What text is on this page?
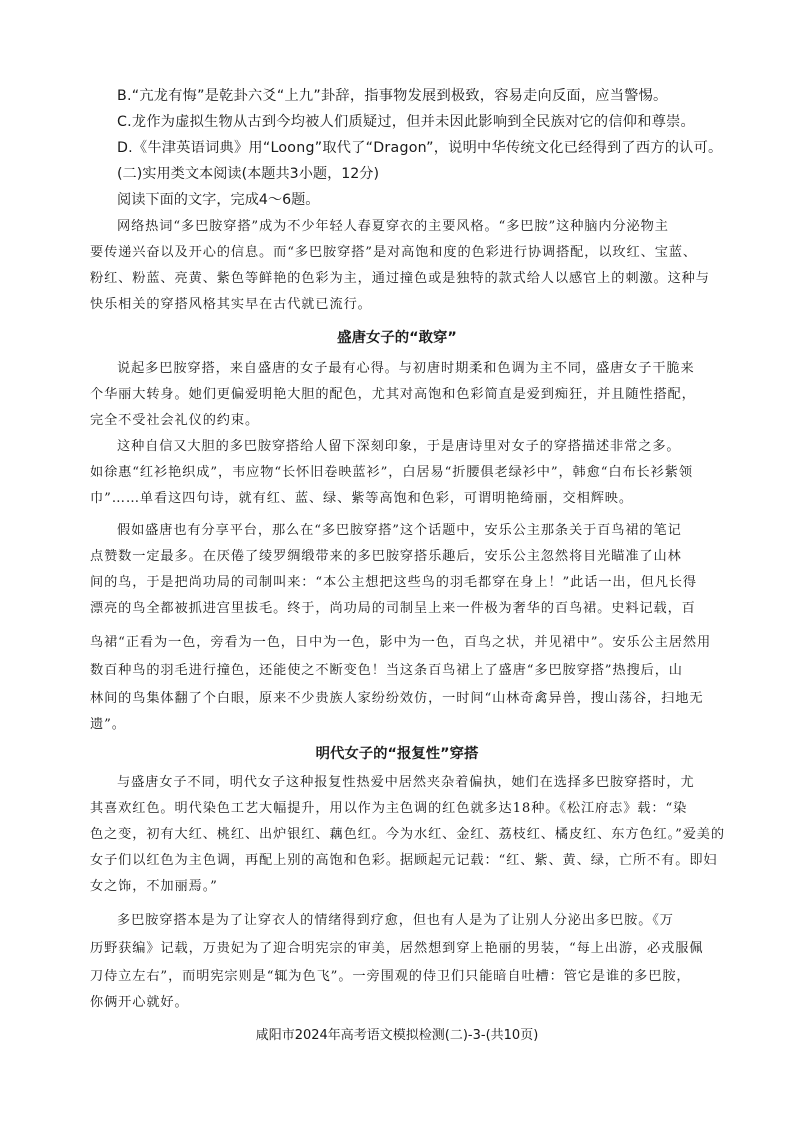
B.“亢龙有悔”是乾卦六爻“上九”卦辞，指事物发展到极致，容易走向反面，应当警惕。
C.龙作为虚拟生物从古到今均被人们质疑过，但并未因此影响到全民族对它的信仰和尊崇。
D.《牛津英语词典》用“Loong”取代了“Dragon”，说明中华传统文化已经得到了西方的认可。
(二)实用类文本阅读(本题共3小题，12分)
阅读下面的文字，完成4～6题。
网络热词“多巴胺穿搭”成为不少年轻人春夏穿衣的主要风格。“多巴胺”这种脑内分泌物主
要传递兴奋以及开心的信息。而“多巴胺穿搭”是对高饱和度的色彩进行协调搭配，以玫红、宝蓝、
粉红、粉蓝、亮黄、紫色等鲜艳的色彩为主，通过撞色或是独特的款式给人以感官上的刺激。这种与
快乐相关的穿搭风格其实早在古代就已流行。
盛唐女子的“敢穿”
说起多巴胺穿搭，来自盛唐的女子最有心得。与初唐时期柔和色调为主不同，盛唐女子干脆来
个华丽大转身。她们更偏爱明艳大胆的配色，尤其对高饱和色彩简直是爱到痴狂，并且随性搭配，
完全不受社会礼仪的约束。
这种自信又大胆的多巴胺穿搭给人留下深刻印象，于是唐诗里对女子的穿搭描述非常之多。
如徐惠“红衫艳织成”，韦应物“长怀旧卷映蓝衫”，白居易“折腰俱老绿衫中”，韩愈“白布长衫紫领
巾”……单看这四句诗，就有红、蓝、绿、紫等高饱和色彩，可谓明艳绮丽，交相辉映。
假如盛唐也有分享平台，那么在“多巴胺穿搭”这个话题中，安乐公主那条关于百鸟裙的笔记
点赞数一定最多。在厌倦了绫罗绸缎带来的多巴胺穿搭乐趣后，安乐公主忽然将目光瞄准了山林
间的鸟，于是把尚功局的司制叫来：“本公主想把这些鸟的羽毛都穿在身上！”此话一出，但凡长得
漂亮的鸟全都被抓进宫里拔毛。终于，尚功局的司制呈上来一件极为奢华的百鸟裙。史料记载，百
鸟裙“正看为一色，旁看为一色，日中为一色，影中为一色，百鸟之状，并见裙中”。安乐公主居然用
数百种鸟的羽毛进行撞色，还能使之不断变色！当这条百鸟裙上了盛唐“多巴胺穿搭”热搜后，山
林间的鸟集体翻了个白眼，原来不少贵族人家纷纷效仿，一时间“山林奇禽异兽，搜山荡谷，扫地无
遗”。
明代女子的“报复性”穿搭
与盛唐女子不同，明代女子这种报复性热爱中居然夹杂着偏执，她们在选择多巴胺穿搭时，尤
其喜欢红色。明代染色工艺大幅提升，用以作为主色调的红色就多达18种。《松江府志》载：“染
色之变，初有大红、桃红、出炉银红、藕色红。今为水红、金红、荔枝红、橘皮红、东方色红。”爱美的
女子们以红色为主色调，再配上别的高饱和色彩。据顾起元记载：“红、紫、黄、绿，亡所不有。即妇
女之饰，不加丽焉。”
多巴胺穿搭本是为了让穿衣人的情绪得到疗愈，但也有人是为了让别人分泌出多巴胺。《万
历野获编》记载，万贵妃为了迎合明宪宗的审美，居然想到穿上艳丽的男装，“每上出游，必戎服佩
刀侍立左右”，而明宪宗则是“辄为色飞”。一旁围观的侍卫们只能暗自吐槽：管它是谁的多巴胺，
你俩开心就好。
咸阳市2024年高考语文模拟检测(二)-3-(共10页)
